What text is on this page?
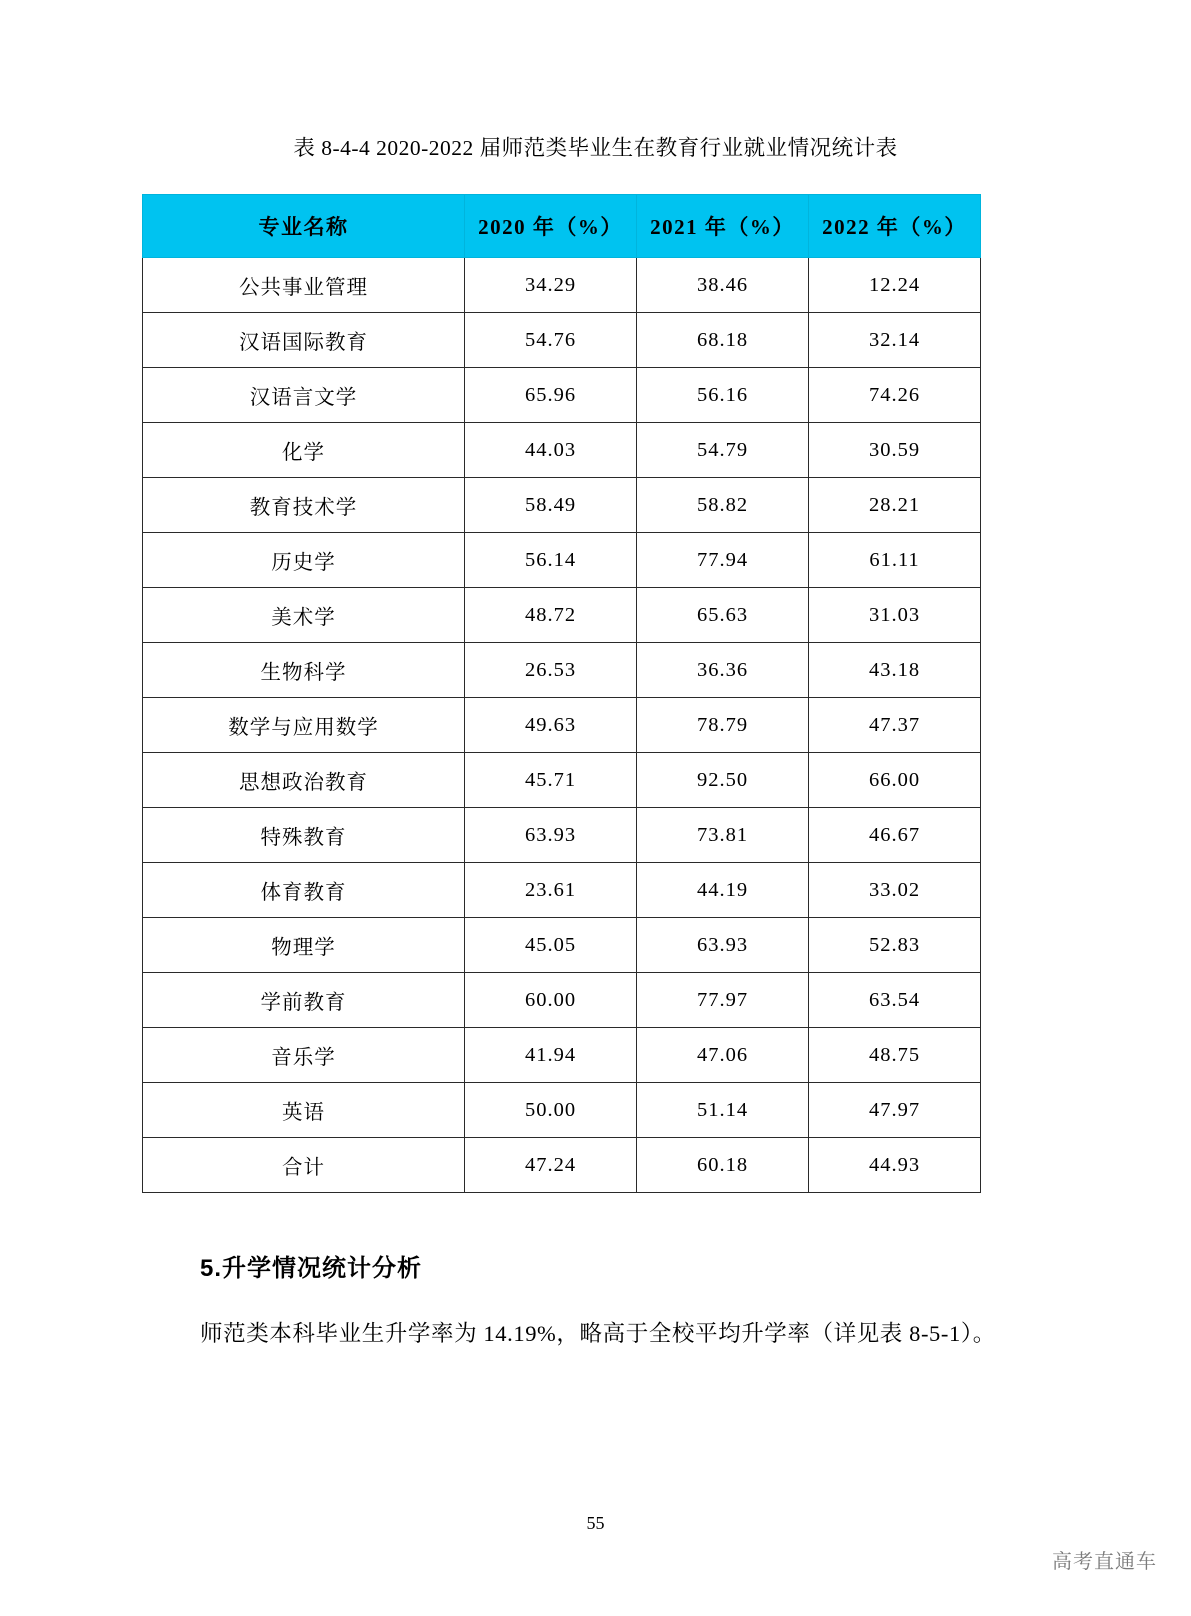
表 8-4-4 2020-2022 届师范类毕业生在教育行业就业情况统计表
专业名称	2020 年（%）	2021 年（%）	2022 年（%）
公共事业管理	34.29	38.46	12.24
汉语国际教育	54.76	68.18	32.14
汉语言文学	65.96	56.16	74.26
化学	44.03	54.79	30.59
教育技术学	58.49	58.82	28.21
历史学	56.14	77.94	61.11
美术学	48.72	65.63	31.03
生物科学	26.53	36.36	43.18
数学与应用数学	49.63	78.79	47.37
思想政治教育	45.71	92.50	66.00
特殊教育	63.93	73.81	46.67
体育教育	23.61	44.19	33.02
物理学	45.05	63.93	52.83
学前教育	60.00	77.97	63.54
音乐学	41.94	47.06	48.75
英语	50.00	51.14	47.97
合计	47.24	60.18	44.93
5.升学情况统计分析
师范类本科毕业生升学率为 14.19%，略高于全校平均升学率（详见表 8-5-1）。
55
高考直通车
